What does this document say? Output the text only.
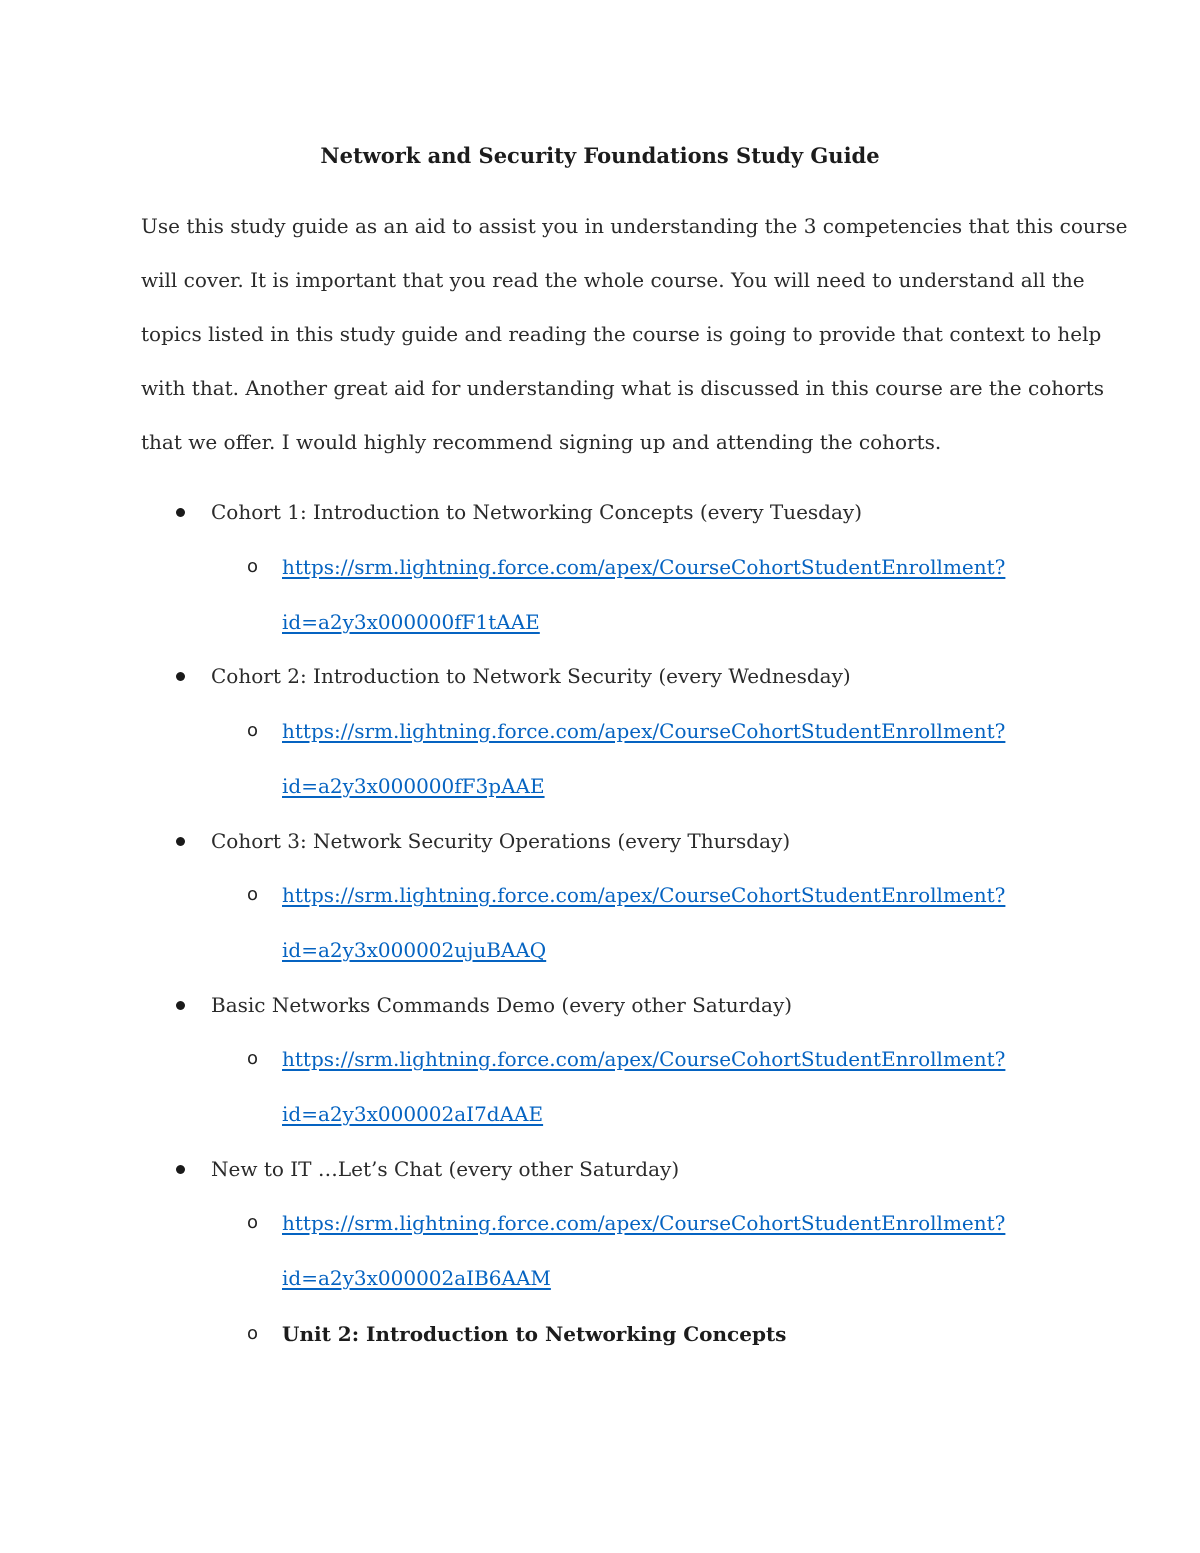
Network and Security Foundations Study Guide
Use this study guide as an aid to assist you in understanding the 3 competencies that this course
will cover. It is important that you read the whole course. You will need to understand all the
topics listed in this study guide and reading the course is going to provide that context to help
with that. Another great aid for understanding what is discussed in this course are the cohorts
that we offer. I would highly recommend signing up and attending the cohorts.
Cohort 1: Introduction to Networking Concepts (every Tuesday)
o https://srm.lightning.force.com/apex/CourseCohortStudentEnrollment?
id=a2y3x000000fF1tAAE
Cohort 2: Introduction to Network Security (every Wednesday)
o https://srm.lightning.force.com/apex/CourseCohortStudentEnrollment?
id=a2y3x000000fF3pAAE
Cohort 3: Network Security Operations (every Thursday)
o https://srm.lightning.force.com/apex/CourseCohortStudentEnrollment?
id=a2y3x000002ujuBAAQ
Basic Networks Commands Demo (every other Saturday)
o https://srm.lightning.force.com/apex/CourseCohortStudentEnrollment?
id=a2y3x000002aI7dAAE
New to IT …Let’s Chat (every other Saturday)
o https://srm.lightning.force.com/apex/CourseCohortStudentEnrollment?
id=a2y3x000002aIB6AAM
o Unit 2: Introduction to Networking Concepts
